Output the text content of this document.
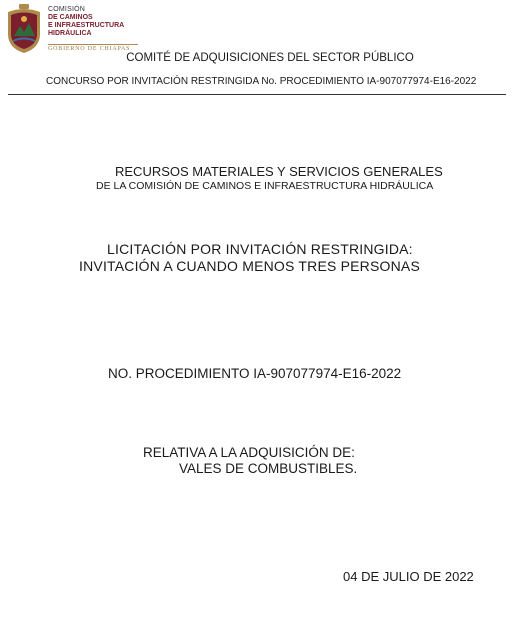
COMISIÓN
DE CAMINOS
E INFRAESTRUCTURA
HIDRÁULICA
GOBIERNO DE CHIAPAS
COMITÉ DE ADQUISICIONES DEL SECTOR PÚBLICO
CONCURSO POR INVITACIÓN RESTRINGIDA No. PROCEDIMIENTO IA-907077974-E16-2022
RECURSOS MATERIALES Y SERVICIOS GENERALES
DE LA COMISIÓN DE CAMINOS E INFRAESTRUCTURA HIDRÁULICA
LICITACIÓN POR INVITACIÓN RESTRINGIDA:
INVITACIÓN A CUANDO MENOS TRES PERSONAS
NO. PROCEDIMIENTO IA-907077974-E16-2022
RELATIVA A LA ADQUISICIÓN DE:
VALES DE COMBUSTIBLES.
04 DE JULIO DE 2022
